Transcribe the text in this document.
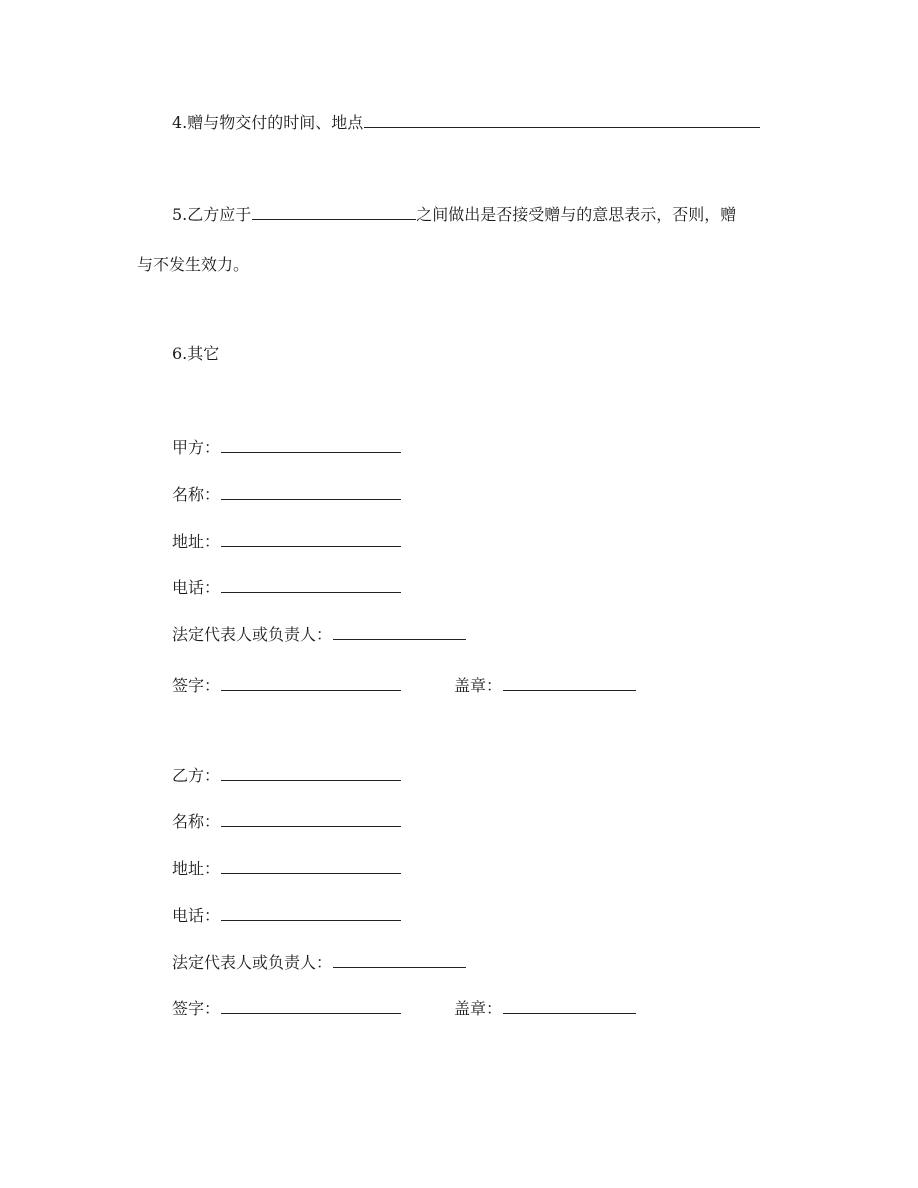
4.赠与物交付的时间、地点
5.乙方应于	之间做出是否接受赠与的意思表示，否则，赠
与不发生效力。
6.其它
甲方：
名称：
地址：
电话：
法定代表人或负责人：
签字：	盖章：
乙方：
名称：
地址：
电话：
法定代表人或负责人：
签字：	盖章：
